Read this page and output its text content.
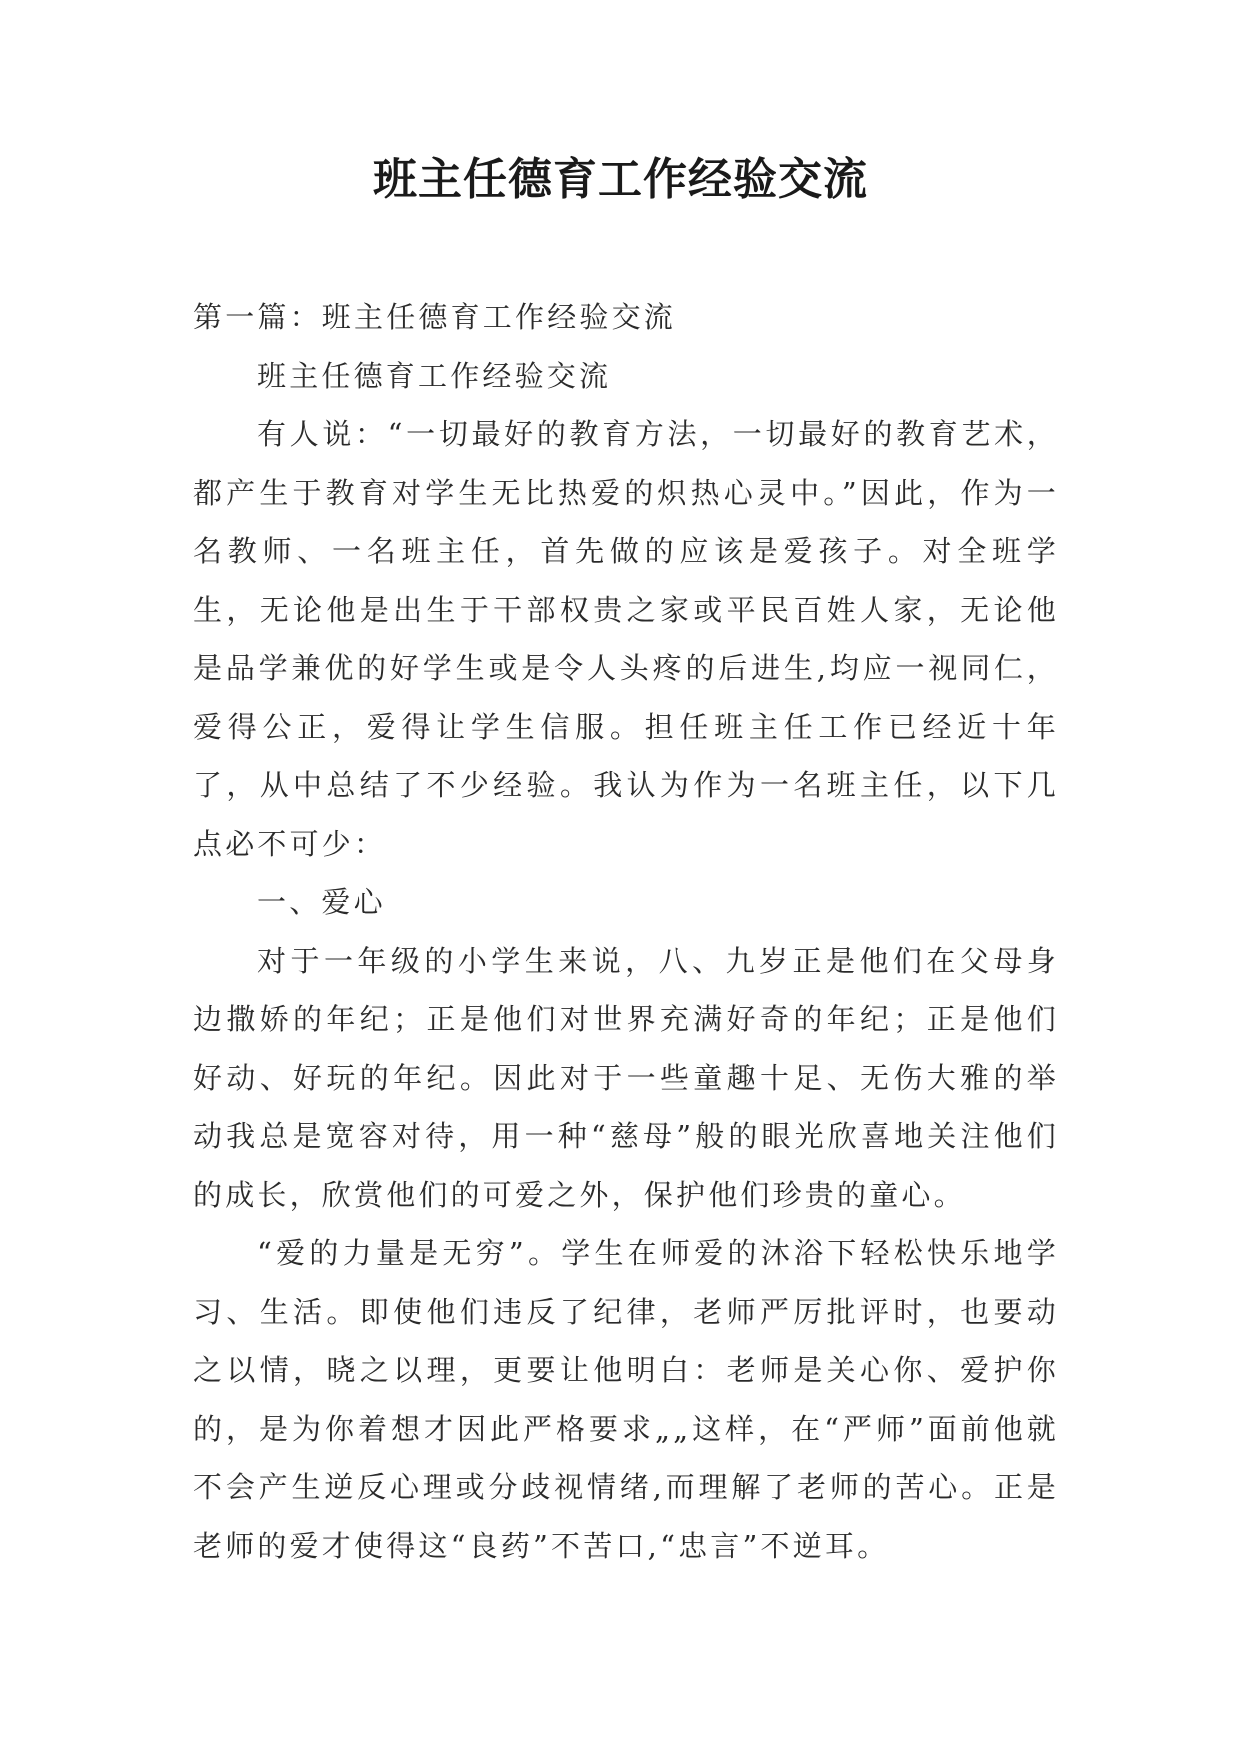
班主任德育工作经验交流

第一篇：班主任德育工作经验交流

班主任德育工作经验交流

有人说：“一切最好的教育方法，一切最好的教育艺术，都产生于教育对学生无比热爱的炽热心灵中。”因此，作为一名教师、一名班主任，首先做的应该是爱孩子。对全班学生，无论他是出生于干部权贵之家或平民百姓人家，无论他是品学兼优的好学生或是令人头疼的后进生,均应一视同仁，爱得公正，爱得让学生信服。担任班主任工作已经近十年了，从中总结了不少经验。我认为作为一名班主任，以下几点必不可少：

一、爱心

对于一年级的小学生来说，八、九岁正是他们在父母身边撒娇的年纪；正是他们对世界充满好奇的年纪；正是他们好动、好玩的年纪。因此对于一些童趣十足、无伤大雅的举动我总是宽容对待，用一种“慈母”般的眼光欣喜地关注他们的成长，欣赏他们的可爱之外，保护他们珍贵的童心。

“爱的力量是无穷”。学生在师爱的沐浴下轻松快乐地学习、生活。即使他们违反了纪律，老师严厉批评时，也要动之以情，晓之以理，更要让他明白：老师是关心你、爱护你的，是为你着想才因此严格要求„„这样，在“严师”面前他就不会产生逆反心理或分歧视情绪,而理解了老师的苦心。正是老师的爱才使得这“良药”不苦口,“忠言”不逆耳。
